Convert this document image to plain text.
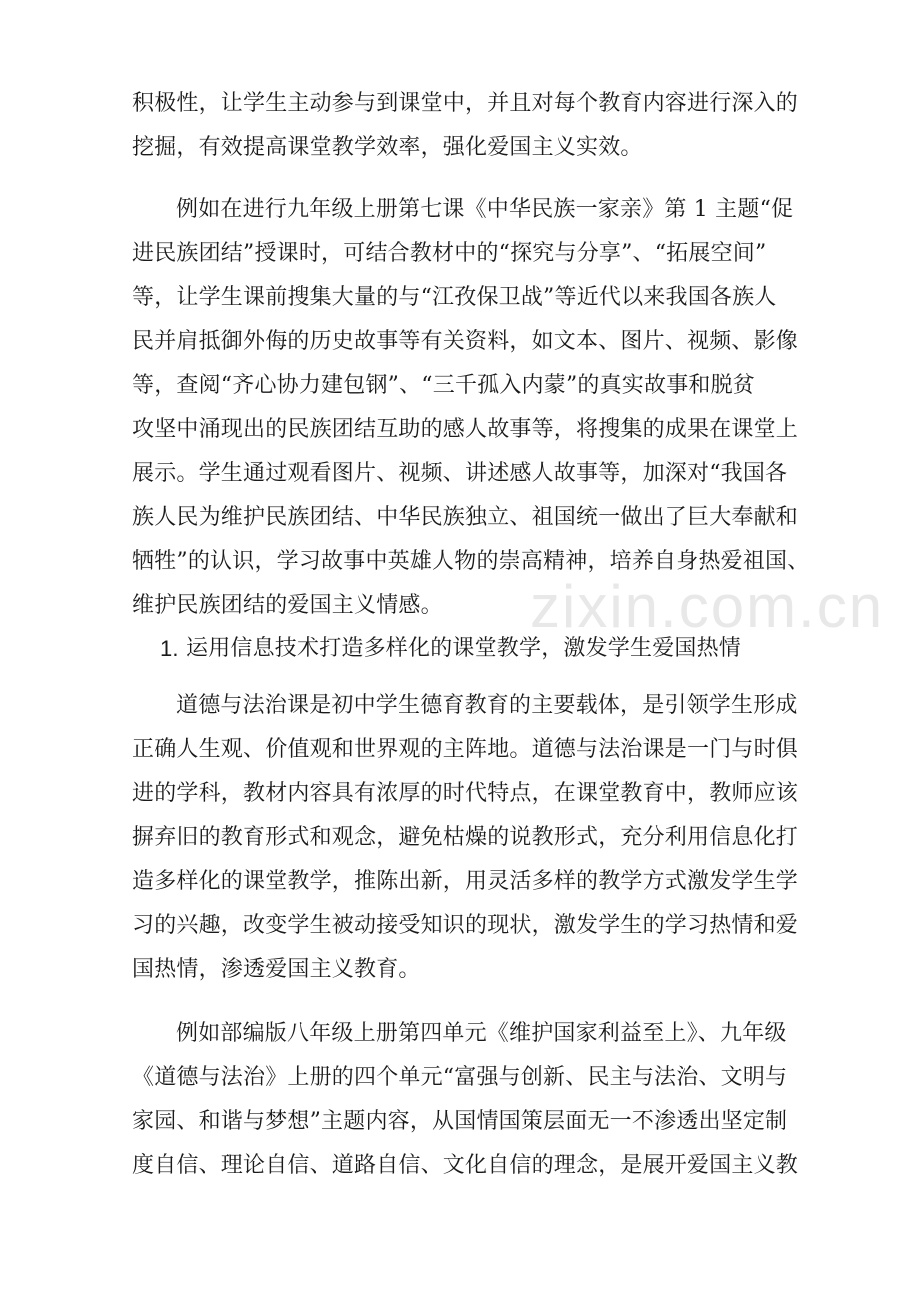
zixin.com.cn
积极性，让学生主动参与到课堂中，并且对每个教育内容进行深入的
挖掘，有效提高课堂教学效率，强化爱国主义实效。
例如在进行九年级上册第七课《中华民族一家亲》第 1 主题“促
进民族团结”授课时，可结合教材中的“探究与分享”、“拓展空间”
等，让学生课前搜集大量的与“江孜保卫战”等近代以来我国各族人
民并肩抵御外侮的历史故事等有关资料，如文本、图片、视频、影像
等，查阅“齐心协力建包钢”、“三千孤入内蒙”的真实故事和脱贫
攻坚中涌现出的民族团结互助的感人故事等，将搜集的成果在课堂上
展示。学生通过观看图片、视频、讲述感人故事等，加深对“我国各
族人民为维护民族团结、中华民族独立、祖国统一做出了巨大奉献和
牺牲”的认识，学习故事中英雄人物的崇高精神，培养自身热爱祖国、
维护民族团结的爱国主义情感。
1. 运用信息技术打造多样化的课堂教学，激发学生爱国热情
道德与法治课是初中学生德育教育的主要载体，是引领学生形成
正确人生观、价值观和世界观的主阵地。道德与法治课是一门与时俱
进的学科，教材内容具有浓厚的时代特点，在课堂教育中，教师应该
摒弃旧的教育形式和观念，避免枯燥的说教形式，充分利用信息化打
造多样化的课堂教学，推陈出新，用灵活多样的教学方式激发学生学
习的兴趣，改变学生被动接受知识的现状，激发学生的学习热情和爱
国热情，渗透爱国主义教育。
例如部编版八年级上册第四单元《维护国家利益至上》、九年级
《道德与法治》上册的四个单元“富强与创新、民主与法治、文明与
家园、和谐与梦想”主题内容，从国情国策层面无一不渗透出坚定制
度自信、理论自信、道路自信、文化自信的理念，是展开爱国主义教
